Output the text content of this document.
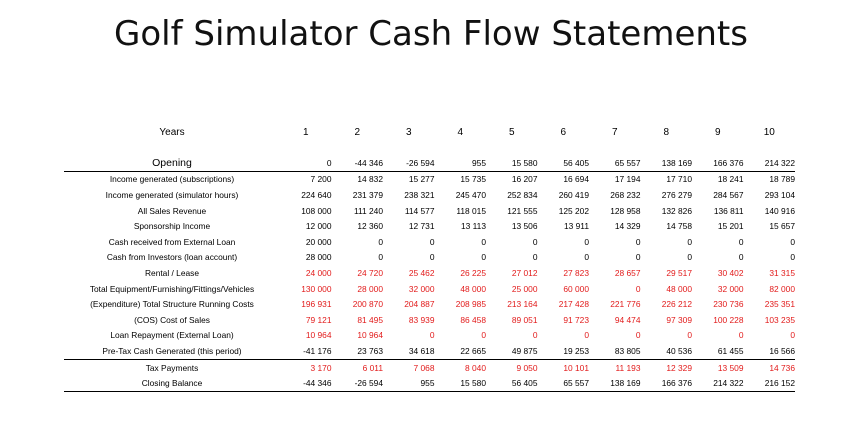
Golf Simulator Cash Flow Statements
Years	1	2	3	4	5	6	7	8	9	10

Opening	0	-44 346	-26 594	955	15 580	56 405	65 557	138 169	166 376	214 322
Income generated (subscriptions)	7 200	14 832	15 277	15 735	16 207	16 694	17 194	17 710	18 241	18 789
Income generated (simulator hours)	224 640	231 379	238 321	245 470	252 834	260 419	268 232	276 279	284 567	293 104
All Sales Revenue	108 000	111 240	114 577	118 015	121 555	125 202	128 958	132 826	136 811	140 916
Sponsorship Income	12 000	12 360	12 731	13 113	13 506	13 911	14 329	14 758	15 201	15 657
Cash received from External Loan	20 000	0	0	0	0	0	0	0	0	0
Cash from Investors (loan account)	28 000	0	0	0	0	0	0	0	0	0
Rental / Lease	24 000	24 720	25 462	26 225	27 012	27 823	28 657	29 517	30 402	31 315
Total Equipment/Furnishing/Fittings/Vehicles	130 000	28 000	32 000	48 000	25 000	60 000	0	48 000	32 000	82 000
(Expenditure) Total Structure Running Costs	196 931	200 870	204 887	208 985	213 164	217 428	221 776	226 212	230 736	235 351
(COS) Cost of Sales	79 121	81 495	83 939	86 458	89 051	91 723	94 474	97 309	100 228	103 235
Loan Repayment (External Loan)	10 964	10 964	0	0	0	0	0	0	0	0
Pre-Tax Cash Generated (this period)	-41 176	23 763	34 618	22 665	49 875	19 253	83 805	40 536	61 455	16 566
Tax Payments	3 170	6 011	7 068	8 040	9 050	10 101	11 193	12 329	13 509	14 736
Closing Balance	-44 346	-26 594	955	15 580	56 405	65 557	138 169	166 376	214 322	216 152
